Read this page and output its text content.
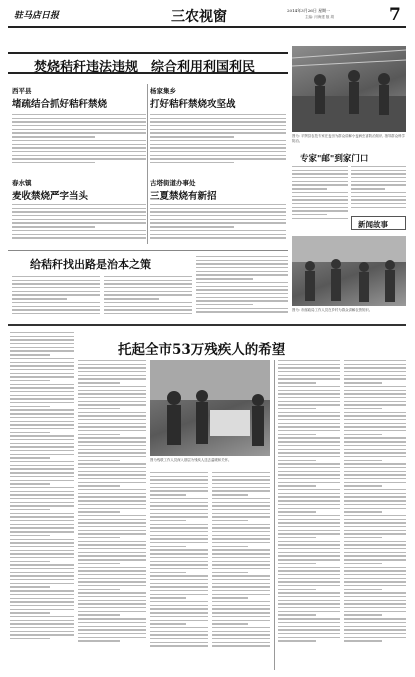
驻马店日报	三农视窗	2014年3月26日 星期一
主编: 闫海建 版 胡	7
焚烧秸秆违法违规　综合利用利国利民
西平县
堵疏结合抓好秸秆禁烧
杨家集乡
打好秸秆禁烧攻坚战
春水镇
麦收禁烧严字当头
古塔街道办事处
三夏禁烧有新招
图为: 平舆县农技专家在麦田为群众讲解小麦病虫害防治知识, 指导群众科学防治。
专家"邮"到家门口
新闻故事
图为: 市邮政局工作人员在乡村为群众讲解农资知识。
给秸秆找出路是治本之策
托起全市53万残疾人的希望
图为残联工作人员深入基层为残疾人送去温暖和关怀。
